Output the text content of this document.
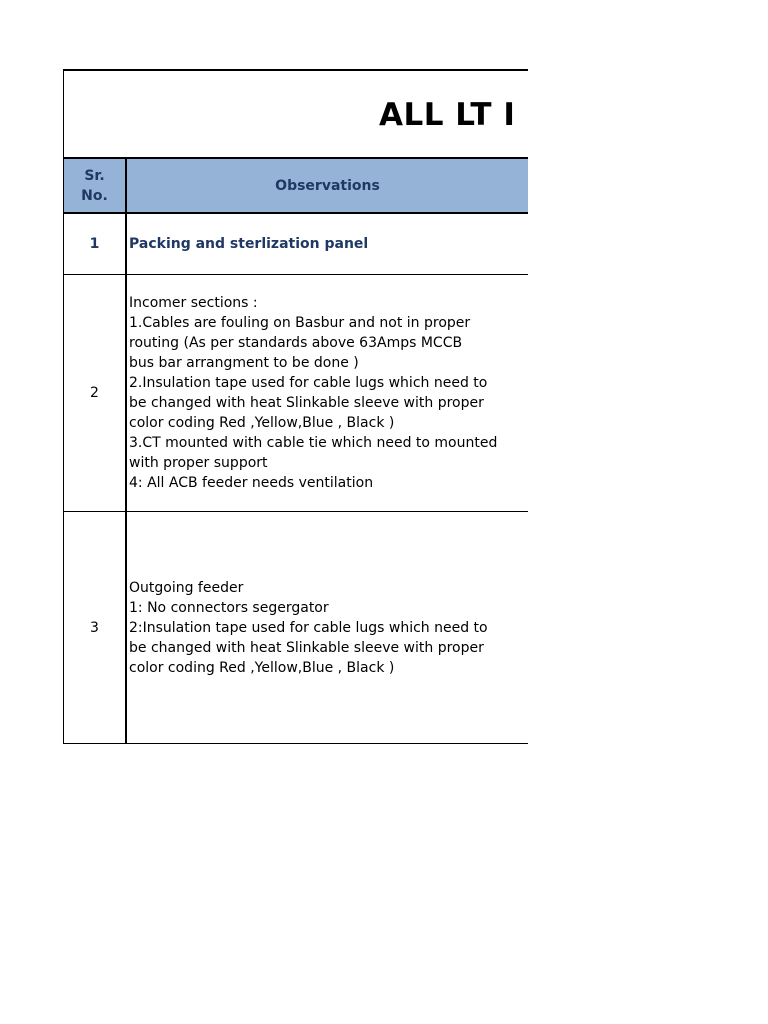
ALL LT I
Sr.
No.
Observations
1 Packing and sterlization panel
2
Incomer sections :
1.Cables are fouling on Basbur and not in proper
routing (As per standards above 63Amps MCCB
bus bar arrangment to be done )
2.Insulation tape used for cable lugs which need to
be changed with heat Slinkable sleeve with proper
color coding Red ,Yellow,Blue , Black )
3.CT mounted with cable tie which need to mounted
with proper support
4: All ACB feeder needs ventilation
3
Outgoing feeder
1: No connectors segergator
2:Insulation tape used for cable lugs which need to
be changed with heat Slinkable sleeve with proper
color coding Red ,Yellow,Blue , Black )
